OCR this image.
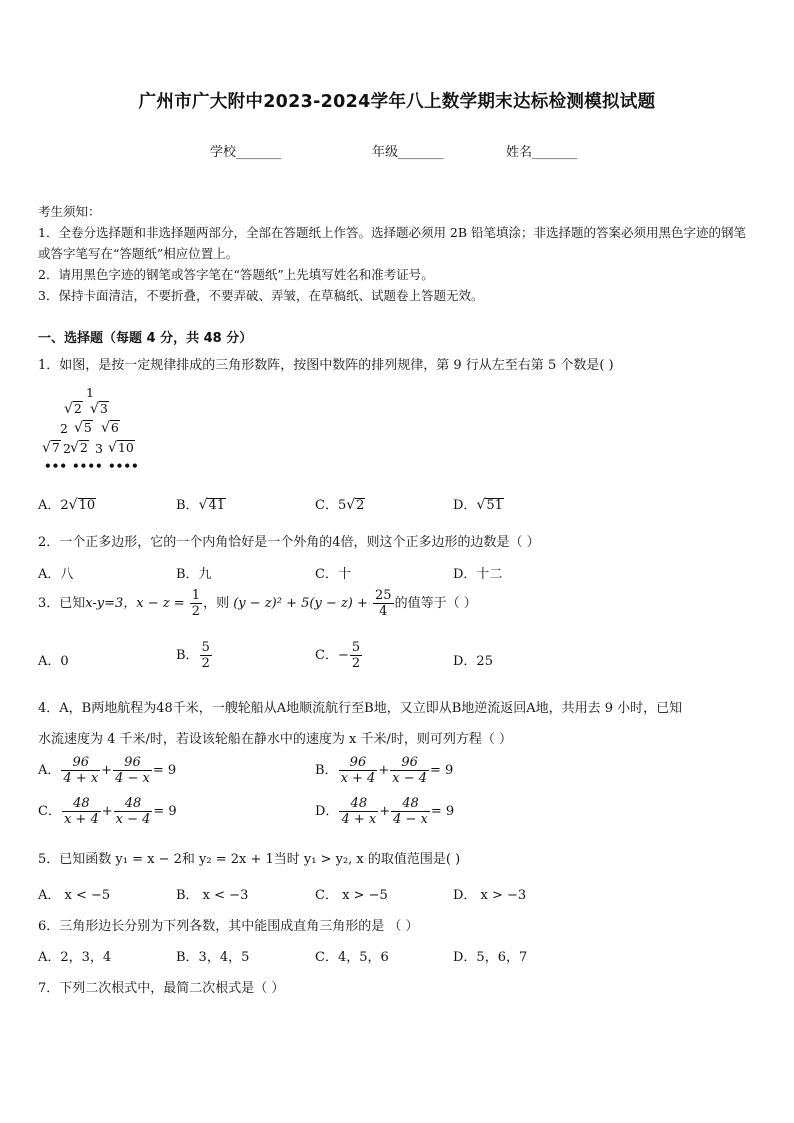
广州市广大附中2023-2024学年八上数学期末达标检测模拟试题
学校_______	年级_______	姓名_______
考生须知：
1．全卷分选择题和非选择题两部分，全部在答题纸上作答。选择题必须用 2B 铅笔填涂；非选择题的答案必须用黑色字迹的钢笔或答字笔写在“答题纸”相应位置上。
2．请用黑色字迹的钢笔或答字笔在“答题纸”上先填写姓名和准考证号。
3．保持卡面清洁，不要折叠，不要弄破、弄皱，在草稿纸、试题卷上答题无效。
一、选择题（每题 4 分，共 48 分）
1．如图，是按一定规律排成的三角形数阵，按图中数阵的排列规律，第 9 行从左至右第 5 个数是( )
1
√2 √3
2 √5 √6
√7 2 √2 3 √10
••• •••• ••••
A．2√10	B．√41	C．5√2	D．√51
2．一个正多边形，它的一个内角恰好是一个外角的4倍，则这个正多边形的边数是（ ）
A．八	B．九	C．十	D．十二
3．已知x-y=3，$x - z = \frac{1}{2}$ ，则 $(y - z)^2 + 5(y - z) + \frac{25}{4}$ 的值等于（ ）
A．0	B． $\frac{5}{2}$	C．− $\frac{5}{2}$	D．25
4．A，B两地航程为48千米，一艘轮船从A地顺流航行至B地，又立即从B地逆流返回A地，共用去 9 小时，已知
水流速度为 4 千米/时，若设该轮船在静水中的速度为 x 千米/时，则可列方程（ ）
A． $\frac{96}{4 + x} + \frac{96}{4 - x} = 9$	B． $\frac{96}{x + 4} + \frac{96}{x - 4} = 9$
C． $\frac{48}{x + 4} + \frac{48}{x - 4} = 9$	D． $\frac{48}{4 + x} + \frac{48}{4 - x} = 9$
5．已知函数 y₁ = x − 2和 y₂ = 2x + 1当时 y₁ > y₂, x 的取值范围是( )
A． x < −5	B． x < −3	C． x > −5	D． x > −3
6．三角形边长分别为下列各数，其中能围成直角三角形的是 （ ）
A．2，3，4	B．3，4，5	C．4，5，6	D．5，6，7
7．下列二次根式中，最简二次根式是（ ）
